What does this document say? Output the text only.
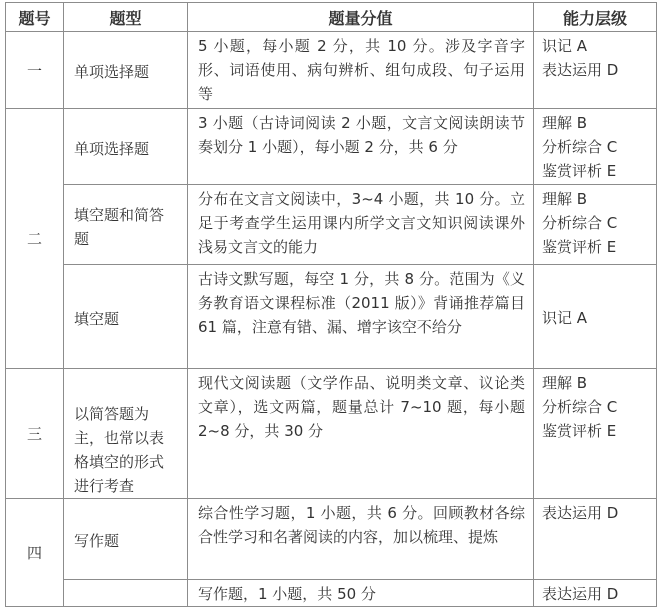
题号	题型	题量分值	能力层级
一	单项选择题	5 小题，每小题 2 分，共 10 分。涉及字音字形、词语使用、病句辨析、组句成段、句子运用等	识记 A
表达运用 D

二	单项选择题	3 小题（古诗词阅读 2 小题，文言文阅读朗读节奏划分 1 小题），每小题 2 分，共 6 分	理解 B
分析综合 C
鉴赏评析 E

	填空题和简答题	分布在文言文阅读中，3~4 小题，共 10 分。立足于考查学生运用课内所学文言文知识阅读课外浅易文言文的能力	理解 B
分析综合 C
鉴赏评析 E

	填空题	古诗文默写题，每空 1 分，共 8 分。范围为《义务教育语文课程标准（2011 版）》背诵推荐篇目 61 篇，注意有错、漏、增字该空不给分	识记 A

三	以简答题为主，也常以表格填空的形式进行考查	现代文阅读题（文学作品、说明类文章、议论类文章），选文两篇，题量总计 7~10 题，每小题 2~8 分，共 30 分	理解 B
分析综合 C
鉴赏评析 E

四	写作题	综合性学习题，1 小题，共 6 分。回顾教材各综合性学习和名著阅读的内容，加以梳理、提炼	表达运用 D

		写作题，1 小题，共 50 分	表达运用 D
